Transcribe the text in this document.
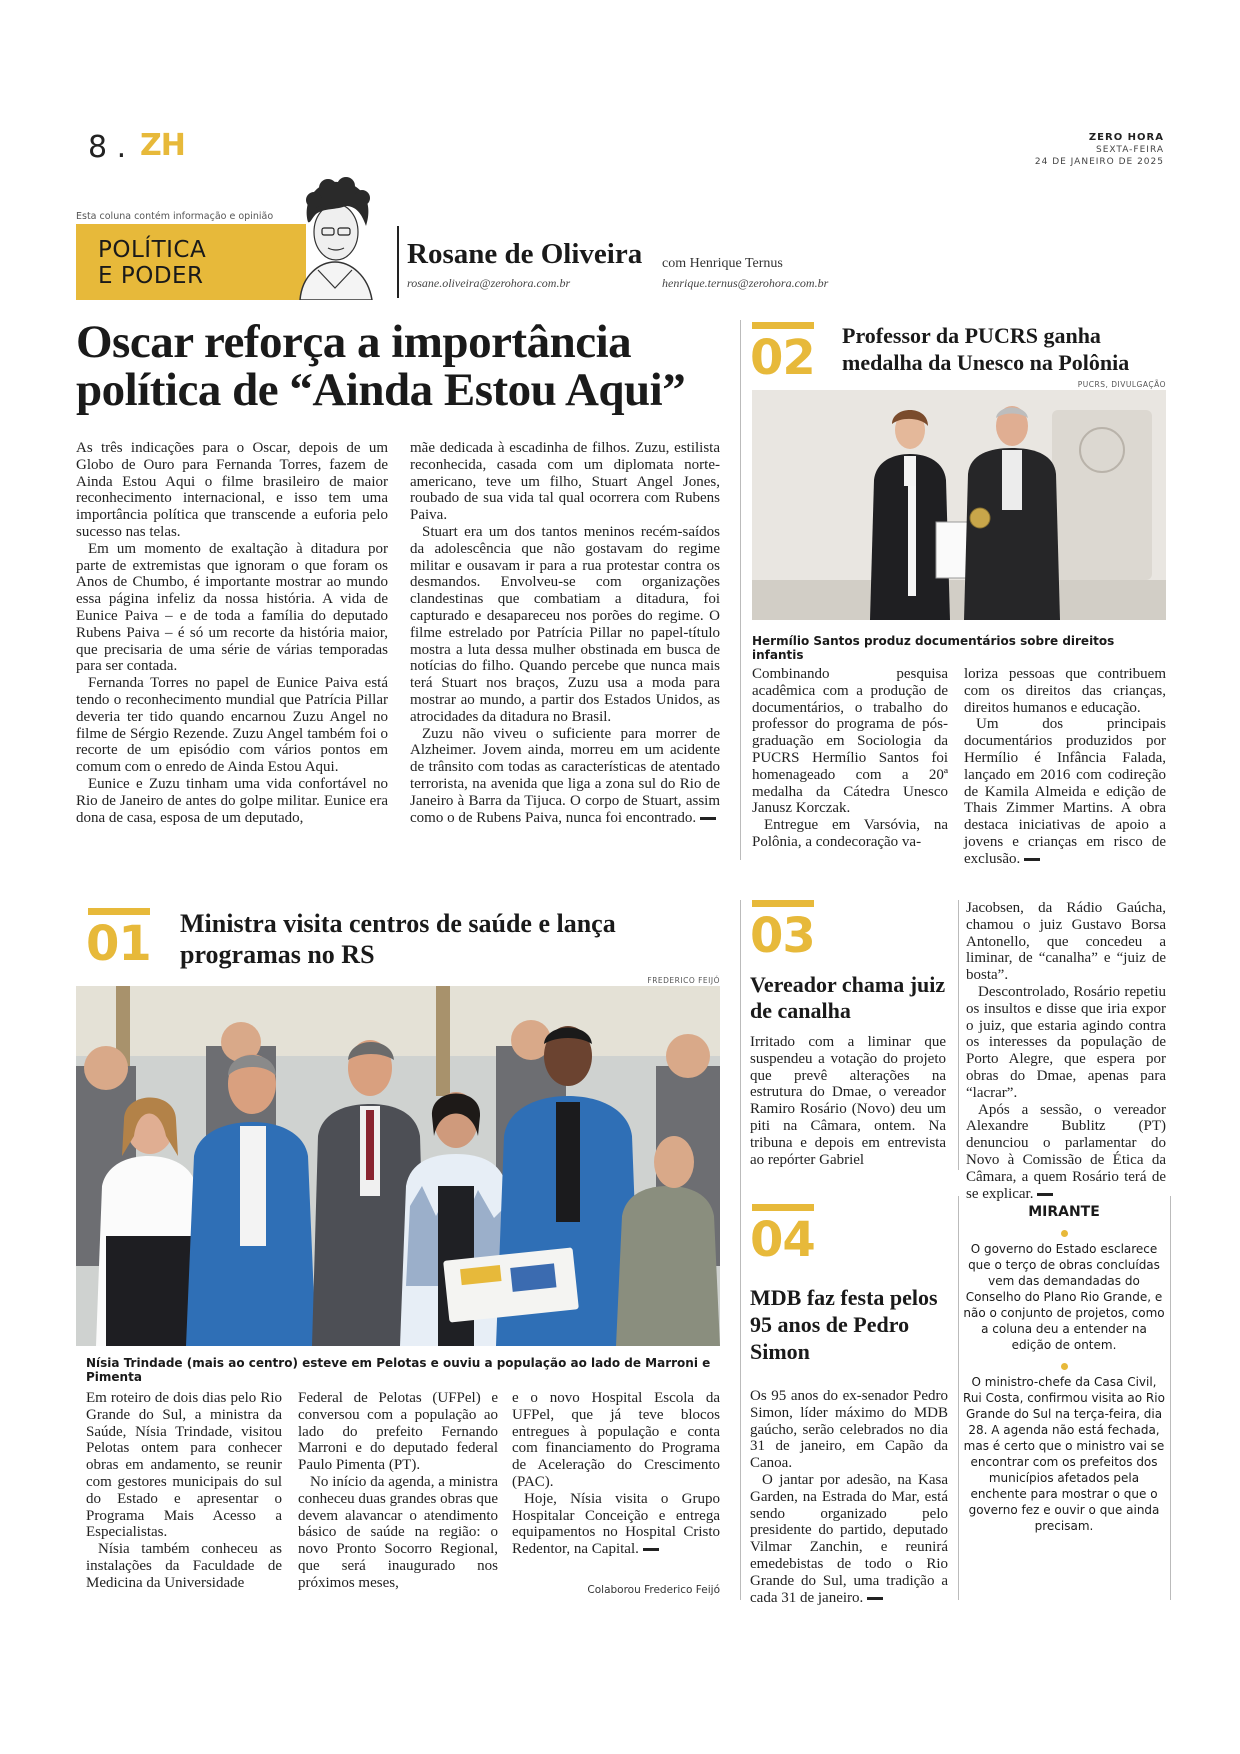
8 . ZH	ZERO HORA
SEXTA-FEIRA
24 DE JANEIRO DE 2025
Esta coluna contém informação e opinião
POLÍTICA
E PODER
Rosane de Oliveira
rosane.oliveira@zerohora.com.br
com Henrique Ternus
henrique.ternus@zerohora.com.br
Oscar reforça a importância política de “Ainda Estou Aqui”

As três indicações para o Oscar, depois de um Globo de Ouro para Fernanda Torres, fazem de Ainda Estou Aqui o filme brasileiro de maior reconhecimento internacional, e isso tem uma importância política que transcende a euforia pelo sucesso nas telas.

Em um momento de exaltação à ditadura por parte de extremistas que ignoram o que foram os Anos de Chumbo, é importante mostrar ao mundo essa página infeliz da nossa história. A vida de Eunice Paiva – e de toda a família do deputado Rubens Paiva – é só um recorte da história maior, que precisaria de uma série de várias temporadas para ser contada.

Fernanda Torres no papel de Eunice Paiva está tendo o reconhecimento mundial que Patrícia Pillar deveria ter tido quando encarnou Zuzu Angel no filme de Sérgio Rezende. Zuzu Angel também foi o recorte de um episódio com vários pontos em comum com o enredo de Ainda Estou Aqui.

Eunice e Zuzu tinham uma vida confortável no Rio de Janeiro de antes do golpe militar. Eunice era dona de casa, esposa de um deputado,

mãe dedicada à escadinha de filhos. Zuzu, estilista reconhecida, casada com um diplomata norte-americano, teve um filho, Stuart Angel Jones, roubado de sua vida tal qual ocorrera com Rubens Paiva.

Stuart era um dos tantos meninos recém-saídos da adolescência que não gostavam do regime militar e ousavam ir para a rua protestar contra os desmandos. Envolveu-se com organizações clandestinas que combatiam a ditadura, foi capturado e desapareceu nos porões do regime. O filme estrelado por Patrícia Pillar no papel-título mostra a luta dessa mulher obstinada em busca de notícias do filho. Quando percebe que nunca mais terá Stuart nos braços, Zuzu usa a moda para mostrar ao mundo, a partir dos Estados Unidos, as atrocidades da ditadura no Brasil.

Zuzu não viveu o suficiente para morrer de Alzheimer. Jovem ainda, morreu em um acidente de trânsito com todas as características de atentado terrorista, na avenida que liga a zona sul do Rio de Janeiro à Barra da Tijuca. O corpo de Stuart, assim como o de Rubens Paiva, nunca foi encontrado.

02 Professor da PUCRS ganha medalha da Unesco na Polônia
PUCRS, DIVULGAÇÃO
Hermílio Santos produz documentários sobre direitos infantis

Combinando pesquisa acadêmica com a produção de documentários, o trabalho do professor do programa de pós-graduação em Sociologia da PUCRS Hermílio Santos foi homenageado com a 20ª medalha da Cátedra Unesco Janusz Korczak.

Entregue em Varsóvia, na Polônia, a condecoração va-

loriza pessoas que contribuem com os direitos das crianças, direitos humanos e educação.

Um dos principais documentários produzidos por Hermílio é Infância Falada, lançado em 2016 com codireção de Kamila Almeida e edição de Thais Zimmer Martins. A obra destaca iniciativas de apoio a jovens e crianças em risco de exclusão.

01 Ministra visita centros de saúde e lança programas no RS
FREDERICO FEIJÓ
Nísia Trindade (mais ao centro) esteve em Pelotas e ouviu a população ao lado de Marroni e Pimenta

Em roteiro de dois dias pelo Rio Grande do Sul, a ministra da Saúde, Nísia Trindade, visitou Pelotas ontem para conhecer obras em andamento, se reunir com gestores municipais do sul do Estado e apresentar o Programa Mais Acesso a Especialistas.

Nísia também conheceu as instalações da Faculdade de Medicina da Universidade

Federal de Pelotas (UFPel) e conversou com a população ao lado do prefeito Fernando Marroni e do deputado federal Paulo Pimenta (PT).

No início da agenda, a ministra conheceu duas grandes obras que devem alavancar o atendimento básico de saúde na região: o novo Pronto Socorro Regional, que será inaugurado nos próximos meses,

e o novo Hospital Escola da UFPel, que já teve blocos entregues à população e conta com financiamento do Programa de Aceleração do Crescimento (PAC).

Hoje, Nísia visita o Grupo Hospitalar Conceição e entrega equipamentos no Hospital Cristo Redentor, na Capital.

Colaborou Frederico Feijó
03
Vereador chama juiz de canalha

Irritado com a liminar que suspendeu a votação do projeto que prevê alterações na estrutura do Dmae, o vereador Ramiro Rosário (Novo) deu um piti na Câmara, ontem. Na tribuna e depois em entrevista ao repórter Gabriel

Jacobsen, da Rádio Gaúcha, chamou o juiz Gustavo Borsa Antonello, que concedeu a liminar, de “canalha” e “juiz de bosta”.

Descontrolado, Rosário repetiu os insultos e disse que iria expor o juiz, que estaria agindo contra os interesses da população de Porto Alegre, que espera por obras do Dmae, apenas para “lacrar”.

Após a sessão, o vereador Alexandre Bublitz (PT) denunciou o parlamentar do Novo à Comissão de Ética da Câmara, a quem Rosário terá de se explicar.

04
MDB faz festa pelos 95 anos de Pedro Simon

Os 95 anos do ex-senador Pedro Simon, líder máximo do MDB gaúcho, serão celebrados no dia 31 de janeiro, em Capão da Canoa.

O jantar por adesão, na Kasa Garden, na Estrada do Mar, está sendo organizado pelo presidente do partido, deputado Vilmar Zanchin, e reunirá emedebistas de todo o Rio Grande do Sul, uma tradição a cada 31 de janeiro.

MIRANTE

O governo do Estado esclarece que o terço de obras concluídas vem das demandadas do Conselho do Plano Rio Grande, e não o conjunto de projetos, como a coluna deu a entender na edição de ontem.

O ministro-chefe da Casa Civil, Rui Costa, confirmou visita ao Rio Grande do Sul na terça-feira, dia 28. A agenda não está fechada, mas é certo que o ministro vai se encontrar com os prefeitos dos municípios afetados pela enchente para mostrar o que o governo fez e ouvir o que ainda precisam.
